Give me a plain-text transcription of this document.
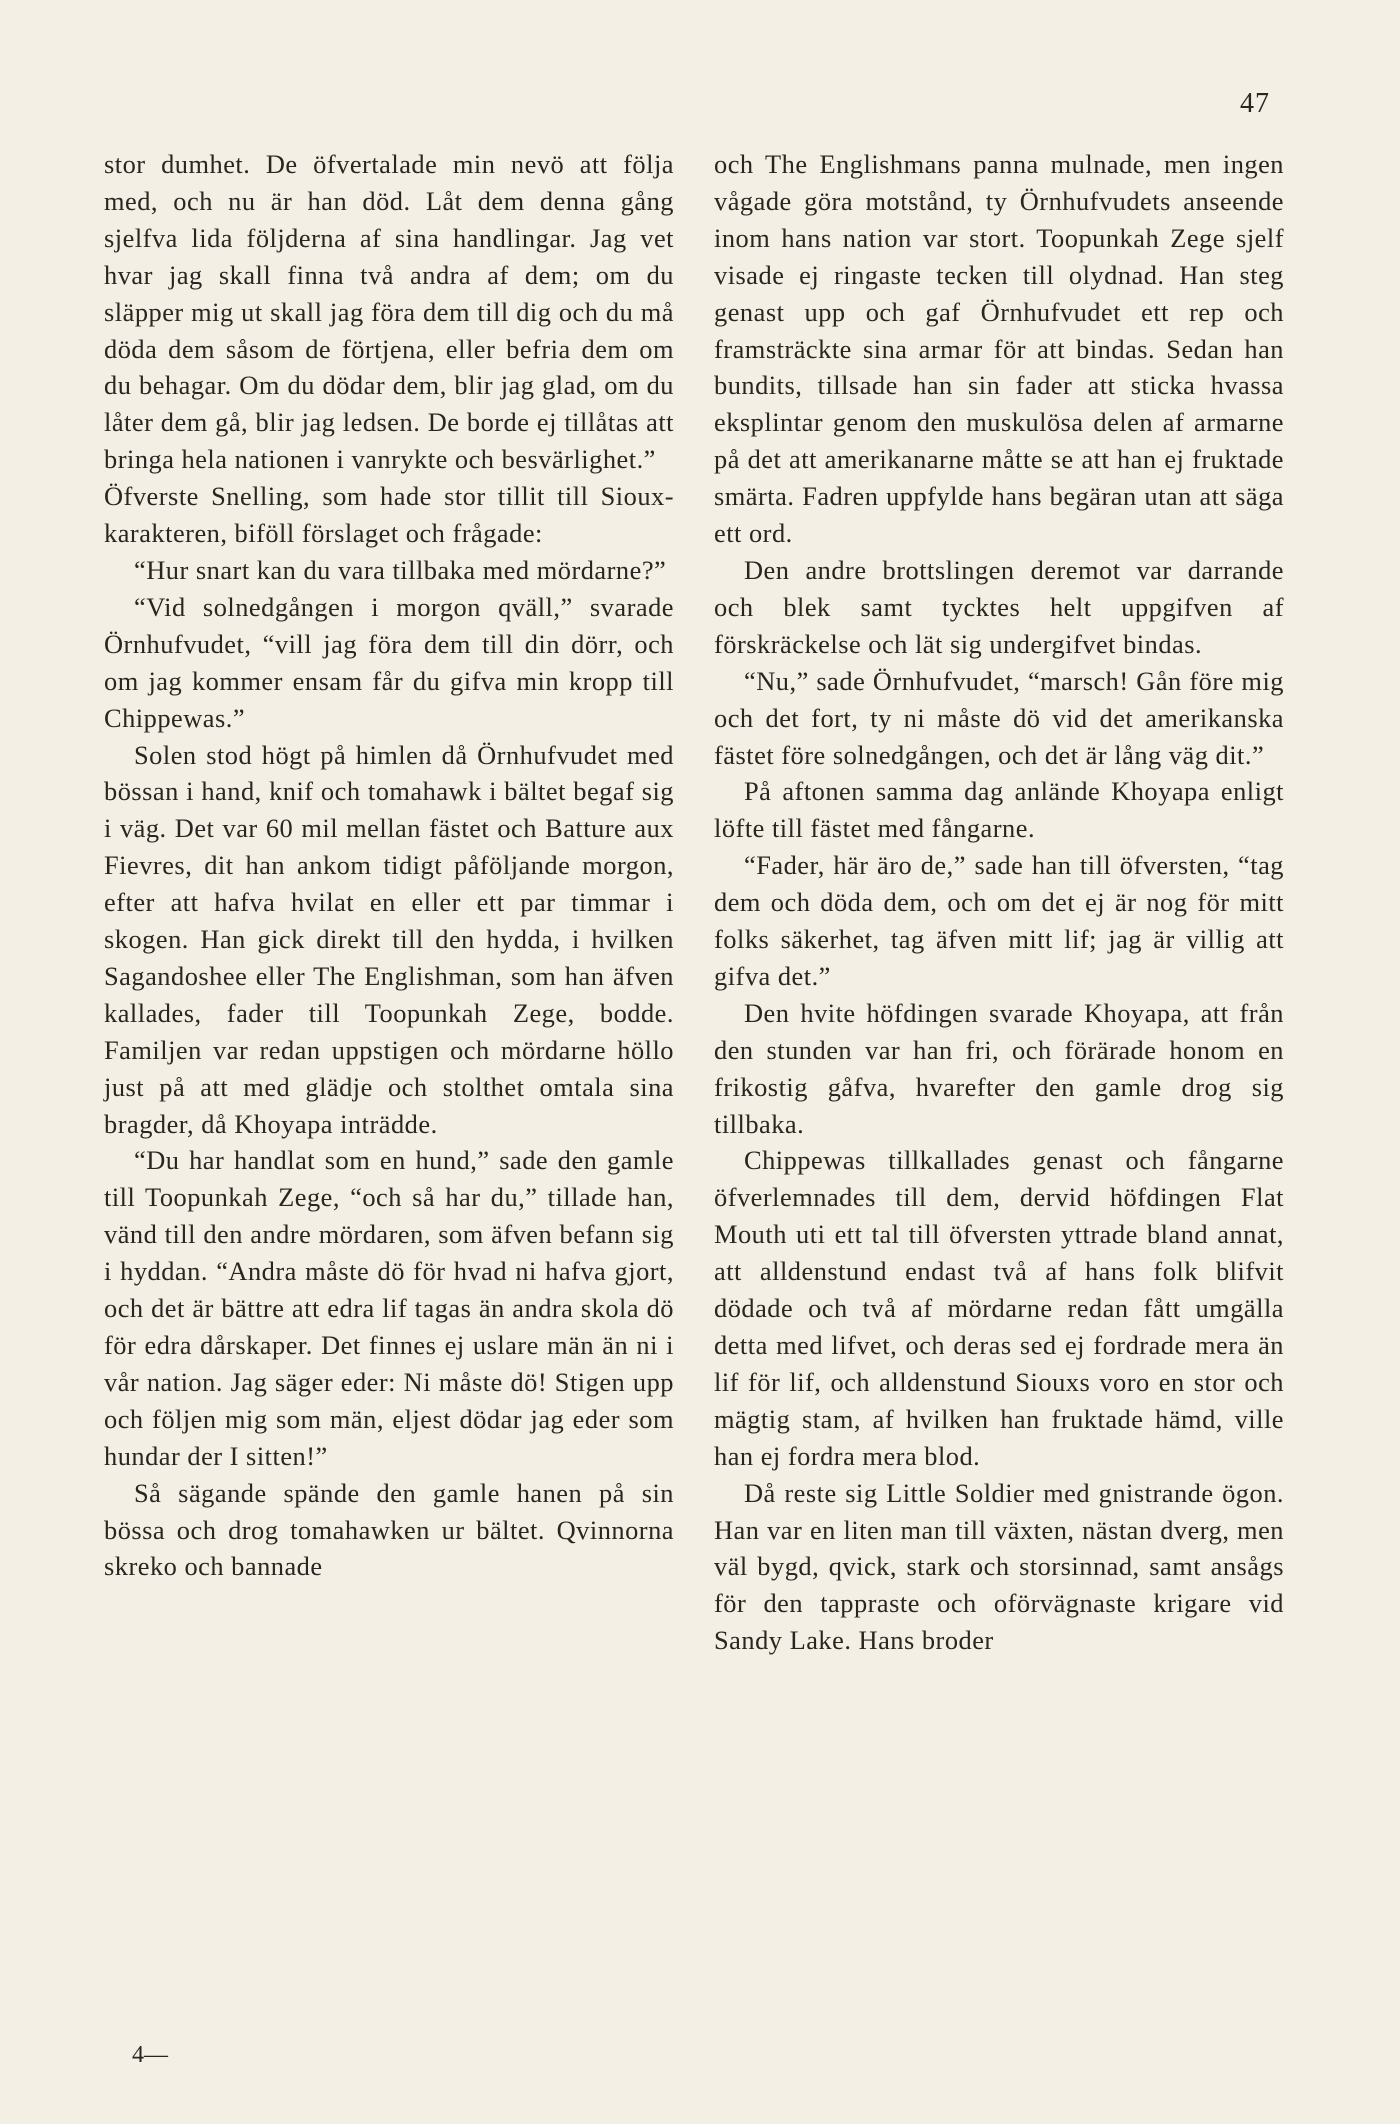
47

stor dumhet. De öfvertalade min nevö att följa med, och nu är han död. Låt dem denna gång sjelfva lida följderna af sina handlingar. Jag vet hvar jag skall finna två andra af dem; om du släpper mig ut skall jag föra dem till dig och du må döda dem såsom de förtjena, eller befria dem om du behagar. Om du dödar dem, blir jag glad, om du låter dem gå, blir jag ledsen. De borde ej tillåtas att bringa hela nationen i vanrykte och besvärlighet.”

Öfverste Snelling, som hade stor tillit till Sioux-karakteren, biföll förslaget och frågade:

“Hur snart kan du vara tillbaka med mördarne?”

“Vid solnedgången i morgon qväll,” svarade Örnhufvudet, “vill jag föra dem till din dörr, och om jag kommer ensam får du gifva min kropp till Chippewas.”

Solen stod högt på himlen då Örnhufvudet med bössan i hand, knif och tomahawk i bältet begaf sig i väg. Det var 60 mil mellan fästet och Batture aux Fievres, dit han ankom tidigt påföljande morgon, efter att hafva hvilat en eller ett par timmar i skogen. Han gick direkt till den hydda, i hvilken Sagandoshee eller The Englishman, som han äfven kallades, fader till Toopunkah Zege, bodde. Familjen var redan uppstigen och mördarne höllo just på att med glädje och stolthet omtala sina bragder, då Khoyapa inträdde.

“Du har handlat som en hund,” sade den gamle till Toopunkah Zege, “och så har du,” tillade han, vänd till den andre mördaren, som äfven befann sig i hyddan. “Andra måste dö för hvad ni hafva gjort, och det är bättre att edra lif tagas än andra skola dö för edra dårskaper. Det finnes ej uslare män än ni i vår nation. Jag säger eder: Ni måste dö! Stigen upp och följen mig som män, eljest dödar jag eder som hundar der I sitten!”

Så sägande spände den gamle hanen på sin bössa och drog tomahawken ur bältet. Qvinnorna skreko och bannade

och The Englishmans panna mulnade, men ingen vågade göra motstånd, ty Örnhufvudets anseende inom hans nation var stort. Toopunkah Zege sjelf visade ej ringaste tecken till olydnad. Han steg genast upp och gaf Örnhufvudet ett rep och framsträckte sina armar för att bindas. Sedan han bundits, tillsade han sin fader att sticka hvassa eksplintar genom den muskulösa delen af armarne på det att amerikanarne måtte se att han ej fruktade smärta. Fadren uppfylde hans begäran utan att säga ett ord.

Den andre brottslingen deremot var darrande och blek samt tycktes helt uppgifven af förskräckelse och lät sig undergifvet bindas.

“Nu,” sade Örnhufvudet, “marsch! Gån före mig och det fort, ty ni måste dö vid det amerikanska fästet före solnedgången, och det är lång väg dit.”

På aftonen samma dag anlände Khoyapa enligt löfte till fästet med fångarne.

“Fader, här äro de,” sade han till öfversten, “tag dem och döda dem, och om det ej är nog för mitt folks säkerhet, tag äfven mitt lif; jag är villig att gifva det.”

Den hvite höfdingen svarade Khoyapa, att från den stunden var han fri, och förärade honom en frikostig gåfva, hvarefter den gamle drog sig tillbaka.

Chippewas tillkallades genast och fångarne öfverlemnades till dem, dervid höfdingen Flat Mouth uti ett tal till öfversten yttrade bland annat, att alldenstund endast två af hans folk blifvit dödade och två af mördarne redan fått umgälla detta med lifvet, och deras sed ej fordrade mera än lif för lif, och alldenstund Siouxs voro en stor och mägtig stam, af hvilken han fruktade hämd, ville han ej fordra mera blod.

Då reste sig Little Soldier med gnistrande ögon. Han var en liten man till växten, nästan dverg, men väl bygd, qvick, stark och storsinnad, samt ansågs för den tappraste och oförvägnaste krigare vid Sandy Lake. Hans broder

4—
